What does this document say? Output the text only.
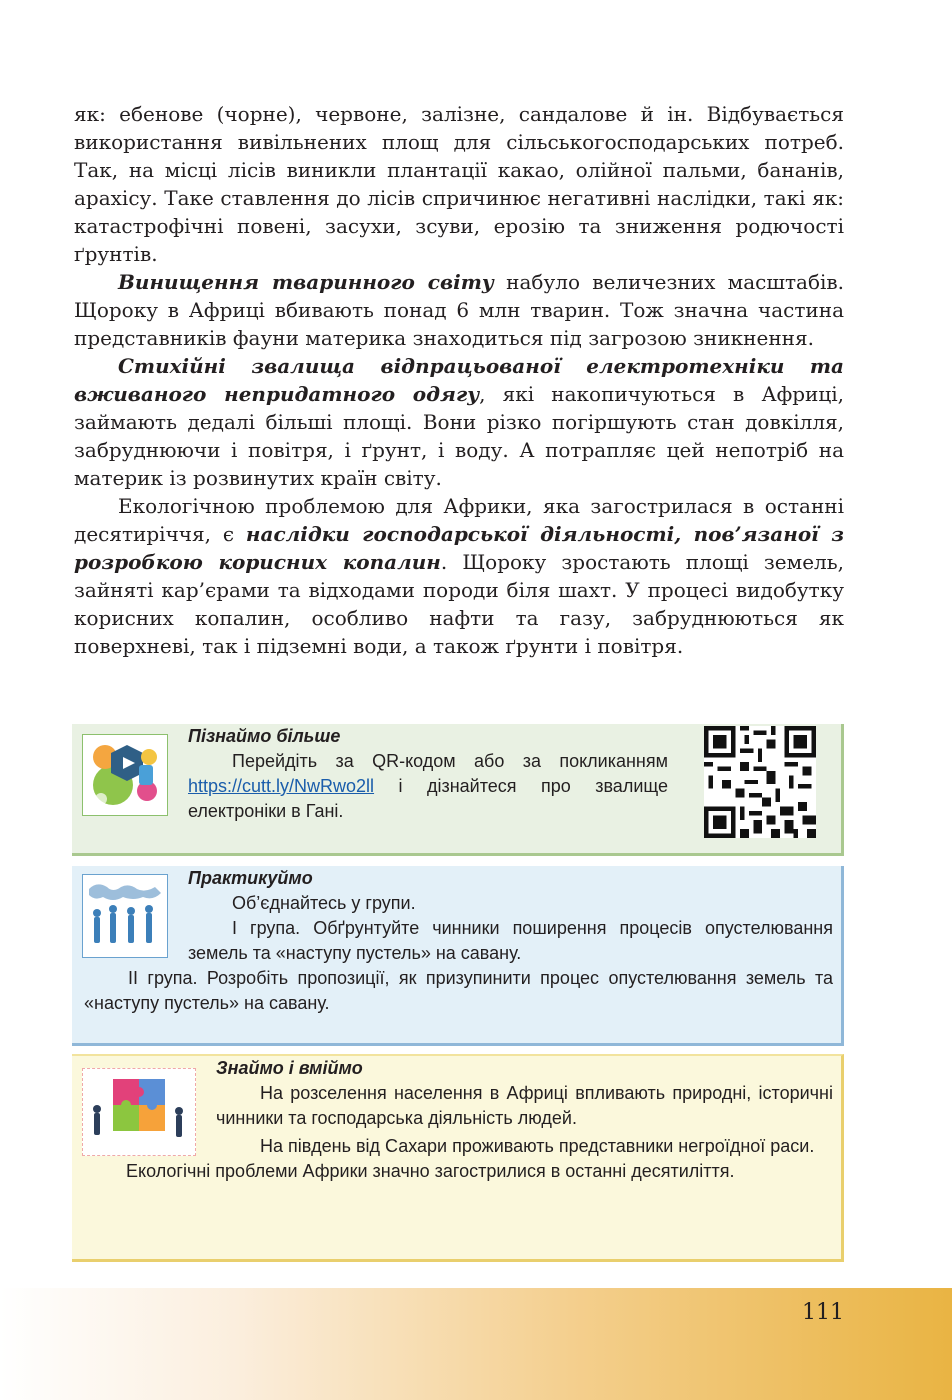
як: ебенове (чорне), червоне, залізне, сандалове й ін. Відбувається використання вивільнених площ для сільськогосподарських потреб. Так, на місці лісів виникли плантації какао, олійної пальми, бананів, арахісу. Таке ставлення до лісів спричинює негативні наслідки, такі як: катастрофічні повені, засухи, зсуви, ерозію та зниження родючості ґрунтів.

Винищення тваринного світу набуло величезних масштабів. Щороку в Африці вбивають понад 6 млн тварин. Тож значна частина представників фауни материка знаходиться під загрозою зникнення.

Стихійні звалища відпрацьованої електротехніки та вживаного непридатного одягу, які накопичуються в Африці, займають дедалі більші площі. Вони різко погіршують стан довкілля, забруднюючи і повітря, і ґрунт, і воду. А потрапляє цей непотріб на материк із розвинутих країн світу.

Екологічною проблемою для Африки, яка загострилася в останні десятиріччя, є наслідки господарської діяльності, пов’язаної з розробкою корисних копалин. Щороку зростають площі земель, зайняті кар’єрами та відходами породи біля шахт. У процесі видобутку корисних копалин, особливо нафти та газу, забруднюються як поверхневі, так і підземні води, а також ґрунти і повітря.

Пізнаймо більше

Перейдіть за QR-кодом або за покликанням https://cutt.ly/NwRwo2ll і дізнайтеся про звалище електроніки в Гані.

Практикуймо

Об’єднайтесь у групи.

І група. Обґрунтуйте чинники поширення процесів опустелювання земель та «наступу пустель» на савану.

ІІ група. Розробіть пропозиції, як призупинити процес опустелювання земель та «наступу пустель» на савану.

Знаймо і вміймо

На розселення населення в Африці впливають природні, історичні чинники та господарська діяльність людей.

На південь від Сахари проживають представники негроїдної раси.

Екологічні проблеми Африки значно загострилися в останні десятиліття.

111
